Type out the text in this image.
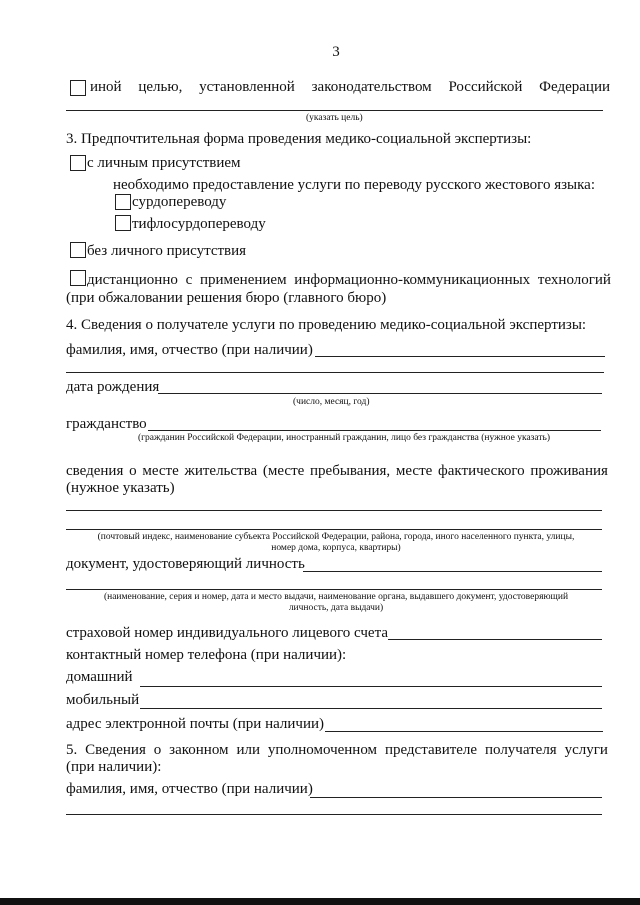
3
иной целью, установленной законодательством Российской Федерации
(указать цель)
3. Предпочтительная форма проведения медико-социальной экспертизы:
с личным присутствием
необходимо предоставление услуги по переводу русского жестового языка:
сурдопереводу
тифлосурдопереводу
без личного присутствия
дистанционно с применением информационно-коммуникационных технологий
(при обжаловании решения бюро (главного бюро)
4. Сведения о получателе услуги по проведению медико-социальной экспертизы:
фамилия, имя, отчество (при наличии)
дата рождения
(число, месяц, год)
гражданство
(гражданин Российской Федерации, иностранный гражданин, лицо без гражданства (нужное указать)
сведения о месте жительства (месте пребывания, месте фактического проживания
(нужное указать)
(почтовый индекс, наименование субъекта Российской Федерации, района, города, иного населенного пункта, улицы,
номер дома, корпуса, квартиры)
документ, удостоверяющий личность
(наименование, серия и номер, дата и место выдачи, наименование органа, выдавшего документ, удостоверяющий
личность, дата выдачи)
страховой номер индивидуального лицевого счета
контактный номер телефона (при наличии):
домашний
мобильный
адрес электронной почты (при наличии)
5. Сведения о законном или уполномоченном представителе получателя услуги
(при наличии):
фамилия, имя, отчество (при наличии)
